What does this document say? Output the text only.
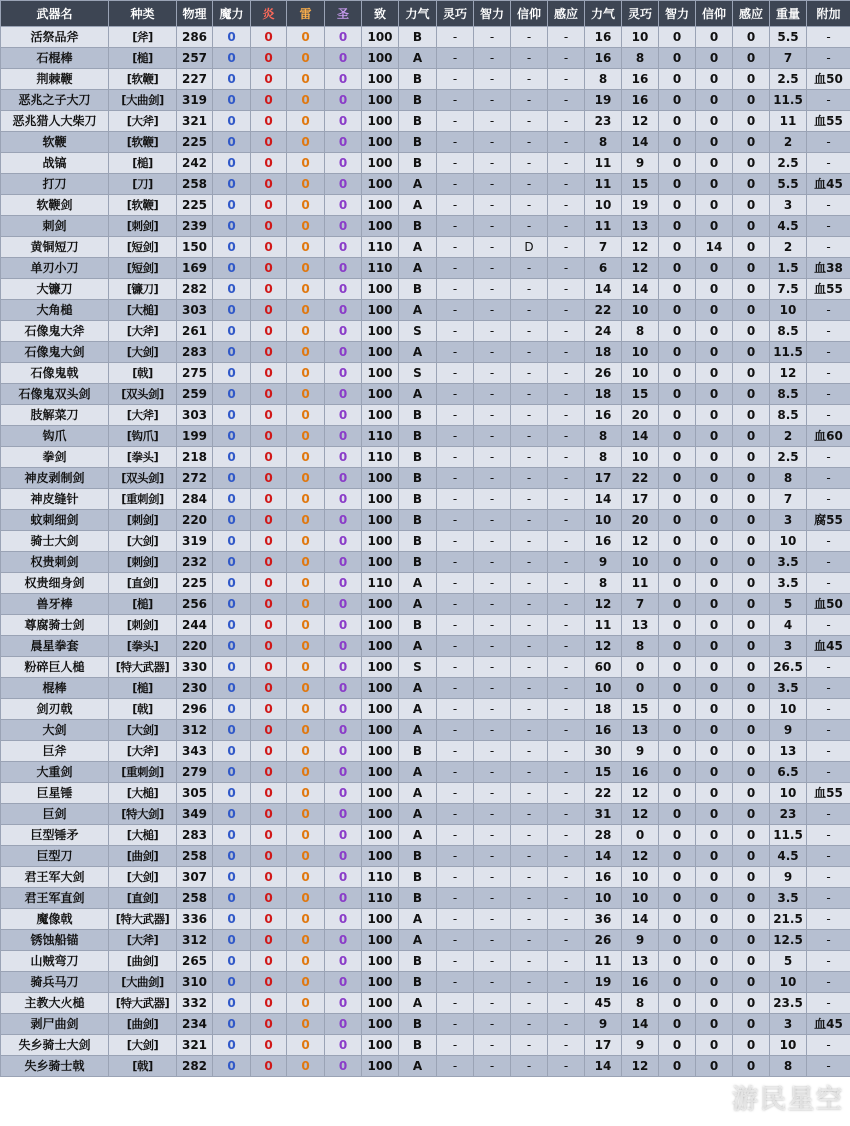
武器名	种类	物理	魔力	炎	雷	圣	致	力气	灵巧	智力	信仰	感应	力气	灵巧	智力	信仰	感应	重量	附加
活祭品斧	[斧]	286	0	0	0	0	100	B	-	-	-	-	16	10	0	0	0	5.5	-
石棍棒	[槌]	257	0	0	0	0	100	A	-	-	-	-	16	8	0	0	0	7	-
荆棘鞭	[软鞭]	227	0	0	0	0	100	B	-	-	-	-	8	16	0	0	0	2.5	血50
恶兆之子大刀	[大曲剑]	319	0	0	0	0	100	B	-	-	-	-	19	16	0	0	0	11.5	-
恶兆猎人大柴刀	[大斧]	321	0	0	0	0	100	B	-	-	-	-	23	12	0	0	0	11	血55
软鞭	[软鞭]	225	0	0	0	0	100	B	-	-	-	-	8	14	0	0	0	2	-
战镐	[槌]	242	0	0	0	0	100	B	-	-	-	-	11	9	0	0	0	2.5	-
打刀	[刀]	258	0	0	0	0	100	A	-	-	-	-	11	15	0	0	0	5.5	血45
软鞭剑	[软鞭]	225	0	0	0	0	100	A	-	-	-	-	10	19	0	0	0	3	-
刺剑	[刺剑]	239	0	0	0	0	100	B	-	-	-	-	11	13	0	0	0	4.5	-
黄铜短刀	[短剑]	150	0	0	0	0	110	A	-	-	D	-	7	12	0	14	0	2	-
单刃小刀	[短剑]	169	0	0	0	0	110	A	-	-	-	-	6	12	0	0	0	1.5	血38
大镰刀	[镰刀]	282	0	0	0	0	100	B	-	-	-	-	14	14	0	0	0	7.5	血55
大角槌	[大槌]	303	0	0	0	0	100	A	-	-	-	-	22	10	0	0	0	10	-
石像鬼大斧	[大斧]	261	0	0	0	0	100	S	-	-	-	-	24	8	0	0	0	8.5	-
石像鬼大剑	[大剑]	283	0	0	0	0	100	A	-	-	-	-	18	10	0	0	0	11.5	-
石像鬼戟	[戟]	275	0	0	0	0	100	S	-	-	-	-	26	10	0	0	0	12	-
石像鬼双头剑	[双头剑]	259	0	0	0	0	100	A	-	-	-	-	18	15	0	0	0	8.5	-
肢解菜刀	[大斧]	303	0	0	0	0	100	B	-	-	-	-	16	20	0	0	0	8.5	-
钩爪	[钩爪]	199	0	0	0	0	110	B	-	-	-	-	8	14	0	0	0	2	血60
拳剑	[拳头]	218	0	0	0	0	110	B	-	-	-	-	8	10	0	0	0	2.5	-
神皮剥制剑	[双头剑]	272	0	0	0	0	100	B	-	-	-	-	17	22	0	0	0	8	-
神皮缝针	[重刺剑]	284	0	0	0	0	100	B	-	-	-	-	14	17	0	0	0	7	-
蚊刺细剑	[刺剑]	220	0	0	0	0	100	B	-	-	-	-	10	20	0	0	0	3	腐55
骑士大剑	[大剑]	319	0	0	0	0	100	B	-	-	-	-	16	12	0	0	0	10	-
权贵刺剑	[刺剑]	232	0	0	0	0	100	B	-	-	-	-	9	10	0	0	0	3.5	-
权贵细身剑	[直剑]	225	0	0	0	0	110	A	-	-	-	-	8	11	0	0	0	3.5	-
兽牙棒	[槌]	256	0	0	0	0	100	A	-	-	-	-	12	7	0	0	0	5	血50
尊腐骑士剑	[刺剑]	244	0	0	0	0	100	B	-	-	-	-	11	13	0	0	0	4	-
晨星拳套	[拳头]	220	0	0	0	0	100	A	-	-	-	-	12	8	0	0	0	3	血45
粉碎巨人槌	[特大武器]	330	0	0	0	0	100	S	-	-	-	-	60	0	0	0	0	26.5	-
棍棒	[槌]	230	0	0	0	0	100	A	-	-	-	-	10	0	0	0	0	3.5	-
剑刃戟	[戟]	296	0	0	0	0	100	A	-	-	-	-	18	15	0	0	0	10	-
大剑	[大剑]	312	0	0	0	0	100	A	-	-	-	-	16	13	0	0	0	9	-
巨斧	[大斧]	343	0	0	0	0	100	B	-	-	-	-	30	9	0	0	0	13	-
大重剑	[重刺剑]	279	0	0	0	0	100	A	-	-	-	-	15	16	0	0	0	6.5	-
巨星锤	[大槌]	305	0	0	0	0	100	A	-	-	-	-	22	12	0	0	0	10	血55
巨剑	[特大剑]	349	0	0	0	0	100	A	-	-	-	-	31	12	0	0	0	23	-
巨型锤矛	[大槌]	283	0	0	0	0	100	A	-	-	-	-	28	0	0	0	0	11.5	-
巨型刀	[曲剑]	258	0	0	0	0	100	B	-	-	-	-	14	12	0	0	0	4.5	-
君王军大剑	[大剑]	307	0	0	0	0	110	B	-	-	-	-	16	10	0	0	0	9	-
君王军直剑	[直剑]	258	0	0	0	0	110	B	-	-	-	-	10	10	0	0	0	3.5	-
魔像戟	[特大武器]	336	0	0	0	0	100	A	-	-	-	-	36	14	0	0	0	21.5	-
锈蚀船锚	[大斧]	312	0	0	0	0	100	A	-	-	-	-	26	9	0	0	0	12.5	-
山贼弯刀	[曲剑]	265	0	0	0	0	100	B	-	-	-	-	11	13	0	0	0	5	-
骑兵马刀	[大曲剑]	310	0	0	0	0	100	B	-	-	-	-	19	16	0	0	0	10	-
主教大火槌	[特大武器]	332	0	0	0	0	100	A	-	-	-	-	45	8	0	0	0	23.5	-
剥尸曲剑	[曲剑]	234	0	0	0	0	100	B	-	-	-	-	9	14	0	0	0	3	血45
失乡骑士大剑	[大剑]	321	0	0	0	0	100	B	-	-	-	-	17	9	0	0	0	10	-
失乡骑士戟	[戟]	282	0	0	0	0	100	A	-	-	-	-	14	12	0	0	0	8	-
游民星空
